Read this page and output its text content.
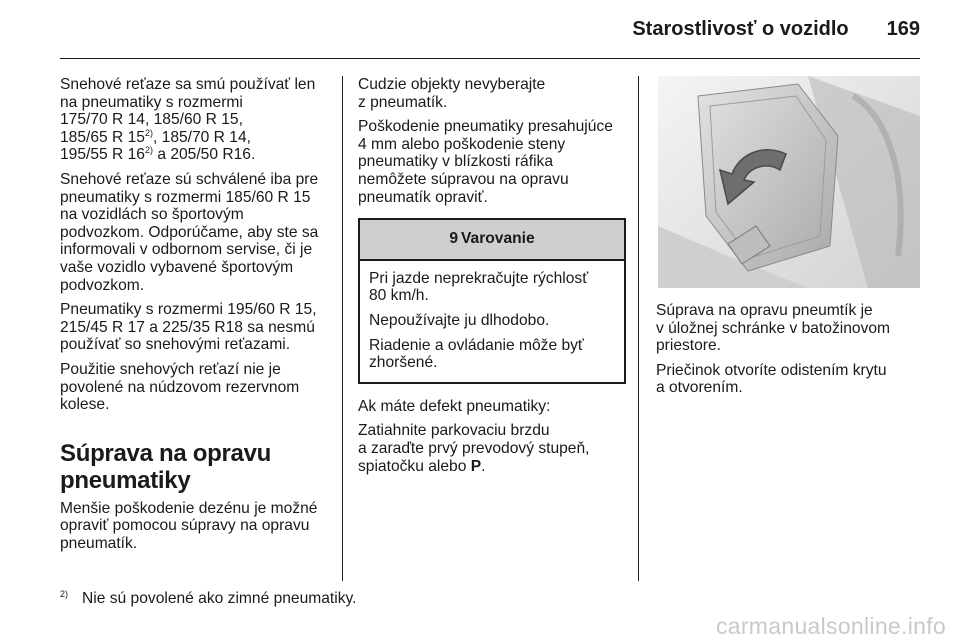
Starostlivosť o vozidlo 169

Snehové reťaze sa smú používať len
na pneumatiky s rozmermi
175/70 R 14, 185/60 R 15,
185/65 R 15$^{2)}$, 185/70 R 14,
195/55 R 16$^{2)}$ a 205/50 R16.

Snehové reťaze sú schválené iba pre
pneumatiky s rozmermi 185/60 R 15
na vozidlách so športovým
podvozkom. Odporúčame, aby ste sa
informovali v odbornom servise, či je
vaše vozidlo vybavené športovým
podvozkom.

Pneumatiky s rozmermi 195/60 R 15,
215/45 R 17 a 225/35 R18 sa nesmú
používať so snehovými reťazami.

Použitie snehových reťazí nie je
povolené na núdzovom rezervnom
kolese.

Súprava na opravu
pneumatiky

Menšie poškodenie dezénu je možné
opraviť pomocou súpravy na opravu
pneumatík.

Cudzie objekty nevyberajte
z pneumatík.

Poškodenie pneumatiky presahujúce
4 mm alebo poškodenie steny
pneumatiky v blízkosti ráfika
nemôžete súpravou na opravu
pneumatík opraviť.

9 Varovanie

Pri jazde neprekračujte rýchlosť
80 km/h.

Nepoužívajte ju dlhodobo.

Riadenie a ovládanie môže byť
zhoršené.

Ak máte defekt pneumatiky:

Zatiahnite parkovaciu brzdu
a zaraďte prvý prevodový stupeň,
spiatočku alebo P.

Súprava na opravu pneumtík je
v úložnej schránke v batožinovom
priestore.

Priečinok otvoríte odistením krytu
a otvorením.

$^{2)}$ Nie sú povolené ako zimné pneumatiky.
carmanualsonline.info
